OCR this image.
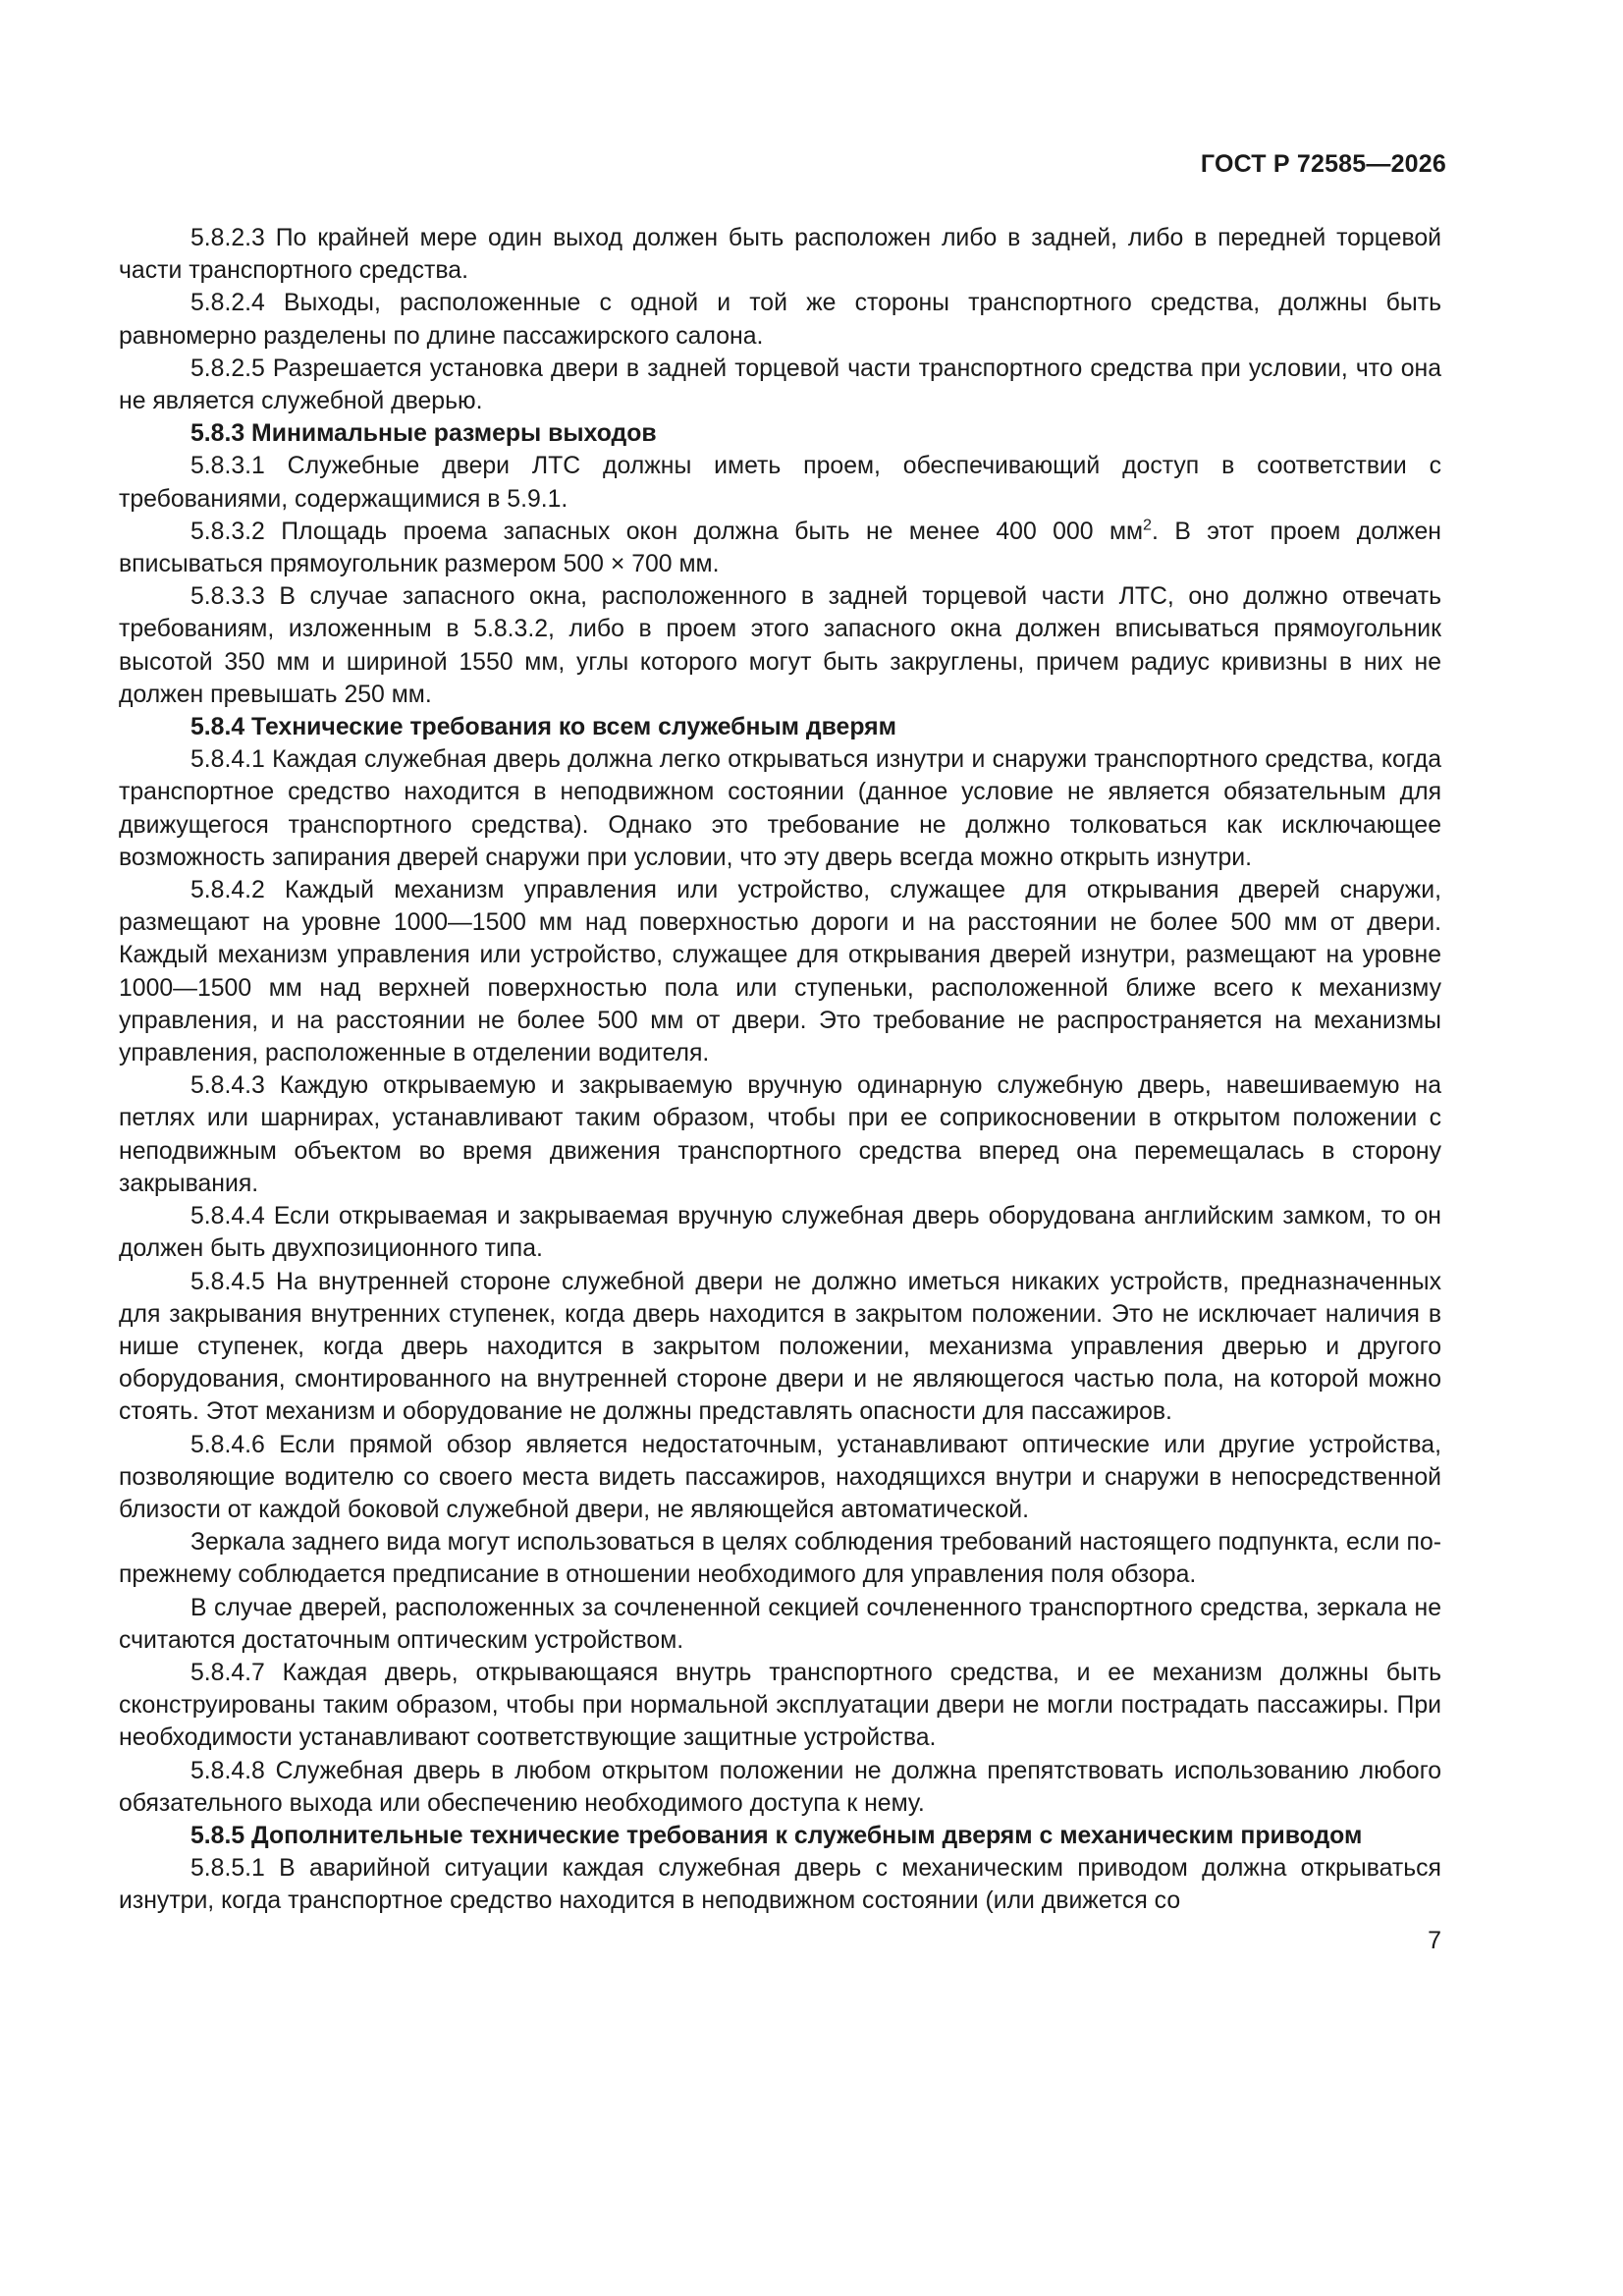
ГОСТ Р 72585—2026

5.8.2.3 По крайней мере один выход должен быть расположен либо в задней, либо в передней торцевой части транспортного средства.

5.8.2.4 Выходы, расположенные с одной и той же стороны транспортного средства, должны быть равномерно разделены по длине пассажирского салона.

5.8.2.5 Разрешается установка двери в задней торцевой части транспортного средства при условии, что она не является служебной дверью.

5.8.3 Минимальные размеры выходов

5.8.3.1 Служебные двери ЛТС должны иметь проем, обеспечивающий доступ в соответствии с требованиями, содержащимися в 5.9.1.

5.8.3.2 Площадь проема запасных окон должна быть не менее 400 000 $мм^2$. В этот проем должен вписываться прямоугольник размером 500 × 700 мм.

5.8.3.3 В случае запасного окна, расположенного в задней торцевой части ЛТС, оно должно отвечать требованиям, изложенным в 5.8.3.2, либо в проем этого запасного окна должен вписываться прямоугольник высотой 350 мм и шириной 1550 мм, углы которого могут быть закруглены, причем радиус кривизны в них не должен превышать 250 мм.

5.8.4 Технические требования ко всем служебным дверям

5.8.4.1 Каждая служебная дверь должна легко открываться изнутри и снаружи транспортного средства, когда транспортное средство находится в неподвижном состоянии (данное условие не является обязательным для движущегося транспортного средства). Однако это требование не должно толковаться как исключающее возможность запирания дверей снаружи при условии, что эту дверь всегда можно открыть изнутри.

5.8.4.2 Каждый механизм управления или устройство, служащее для открывания дверей снаружи, размещают на уровне 1000—1500 мм над поверхностью дороги и на расстоянии не более 500 мм от двери. Каждый механизм управления или устройство, служащее для открывания дверей изнутри, размещают на уровне 1000—1500 мм над верхней поверхностью пола или ступеньки, расположенной ближе всего к механизму управления, и на расстоянии не более 500 мм от двери. Это требование не распространяется на механизмы управления, расположенные в отделении водителя.

5.8.4.3 Каждую открываемую и закрываемую вручную одинарную служебную дверь, навешиваемую на петлях или шарнирах, устанавливают таким образом, чтобы при ее соприкосновении в открытом положении с неподвижным объектом во время движения транспортного средства вперед она перемещалась в сторону закрывания.

5.8.4.4 Если открываемая и закрываемая вручную служебная дверь оборудована английским замком, то он должен быть двухпозиционного типа.

5.8.4.5 На внутренней стороне служебной двери не должно иметься никаких устройств, предназначенных для закрывания внутренних ступенек, когда дверь находится в закрытом положении. Это не исключает наличия в нише ступенек, когда дверь находится в закрытом положении, механизма управления дверью и другого оборудования, смонтированного на внутренней стороне двери и не являющегося частью пола, на которой можно стоять. Этот механизм и оборудование не должны представлять опасности для пассажиров.

5.8.4.6 Если прямой обзор является недостаточным, устанавливают оптические или другие устройства, позволяющие водителю со своего места видеть пассажиров, находящихся внутри и снаружи в непосредственной близости от каждой боковой служебной двери, не являющейся автоматической.

Зеркала заднего вида могут использоваться в целях соблюдения требований настоящего подпункта, если по-прежнему соблюдается предписание в отношении необходимого для управления поля обзора.

В случае дверей, расположенных за сочлененной секцией сочлененного транспортного средства, зеркала не считаются достаточным оптическим устройством.

5.8.4.7 Каждая дверь, открывающаяся внутрь транспортного средства, и ее механизм должны быть сконструированы таким образом, чтобы при нормальной эксплуатации двери не могли пострадать пассажиры. При необходимости устанавливают соответствующие защитные устройства.

5.8.4.8 Служебная дверь в любом открытом положении не должна препятствовать использованию любого обязательного выхода или обеспечению необходимого доступа к нему.

5.8.5 Дополнительные технические требования к служебным дверям с механическим приводом

5.8.5.1 В аварийной ситуации каждая служебная дверь с механическим приводом должна открываться изнутри, когда транспортное средство находится в неподвижном состоянии (или движется со

7
